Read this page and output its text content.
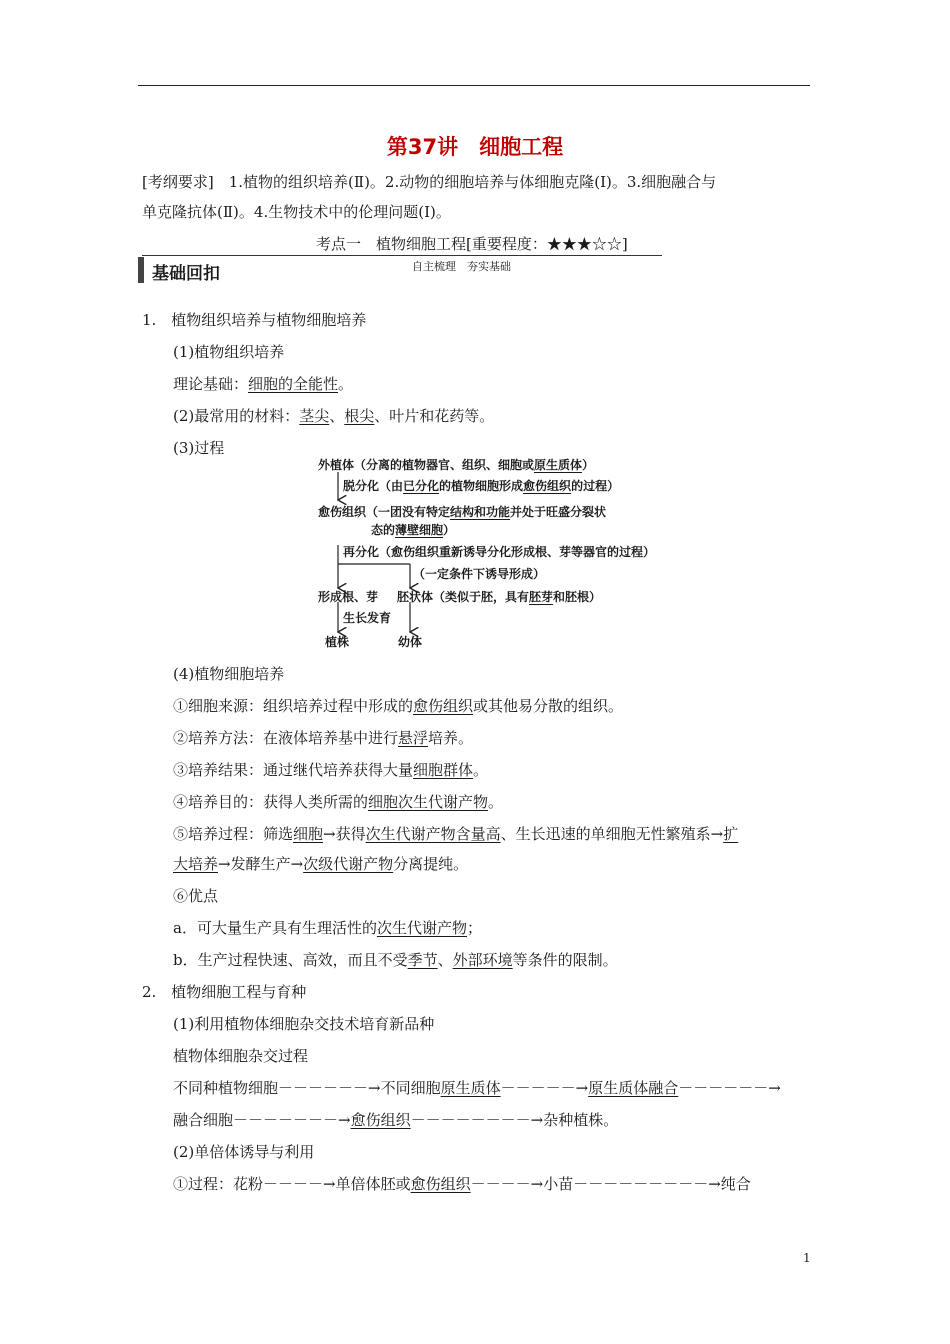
第37讲　细胞工程
[考纲要求]　1.植物的组织培养(Ⅱ)。2.动物的细胞培养与体细胞克隆(Ⅰ)。3.细胞融合与
单克隆抗体(Ⅱ)。4.生物技术中的伦理问题(Ⅰ)。
考点一　植物细胞工程[重要程度：★★★☆☆]
基础回扣	自主梳理　夯实基础
1.　植物组织培养与植物细胞培养
(1)植物组织培养
理论基础：细胞的全能性。
(2)最常用的材料：茎尖、根尖、叶片和花药等。
(3)过程
外植体（分离的植物器官、组织、细胞或原生质体）
脱分化（由已分化的植物细胞形成愈伤组织的过程）
愈伤组织（一团没有特定结构和功能并处于旺盛分裂状
态的薄壁细胞）
再分化（愈伤组织重新诱导分化形成根、芽等器官的过程）
（一定条件下诱导形成）
形成根、芽 胚状体（类似于胚，具有胚芽和胚根）
生长发育
植株	幼体
(4)植物细胞培养
①细胞来源：组织培养过程中形成的愈伤组织或其他易分散的组织。
②培养方法：在液体培养基中进行悬浮培养。
③培养结果：通过继代培养获得大量细胞群体。
④培养目的：获得人类所需的细胞次生代谢产物。
⑤培养过程：筛选细胞→获得次生代谢产物含量高、生长迅速的单细胞无性繁殖系→扩
大培养→发酵生产→次级代谢产物分离提纯。
⑥优点
a．可大量生产具有生理活性的次生代谢产物；
b．生产过程快速、高效，而且不受季节、外部环境等条件的限制。
2.　植物细胞工程与育种
(1)利用植物体细胞杂交技术培育新品种
植物体细胞杂交过程
不同种植物细胞－－－－－－→不同细胞原生质体－－－－－→原生质体融合－－－－－－→
融合细胞－－－－－－－→愈伤组织－－－－－－－－→杂种植株。
(2)单倍体诱导与利用
①过程：花粉－－－－→单倍体胚或愈伤组织－－－－→小苗－－－－－－－－－→纯合
1
